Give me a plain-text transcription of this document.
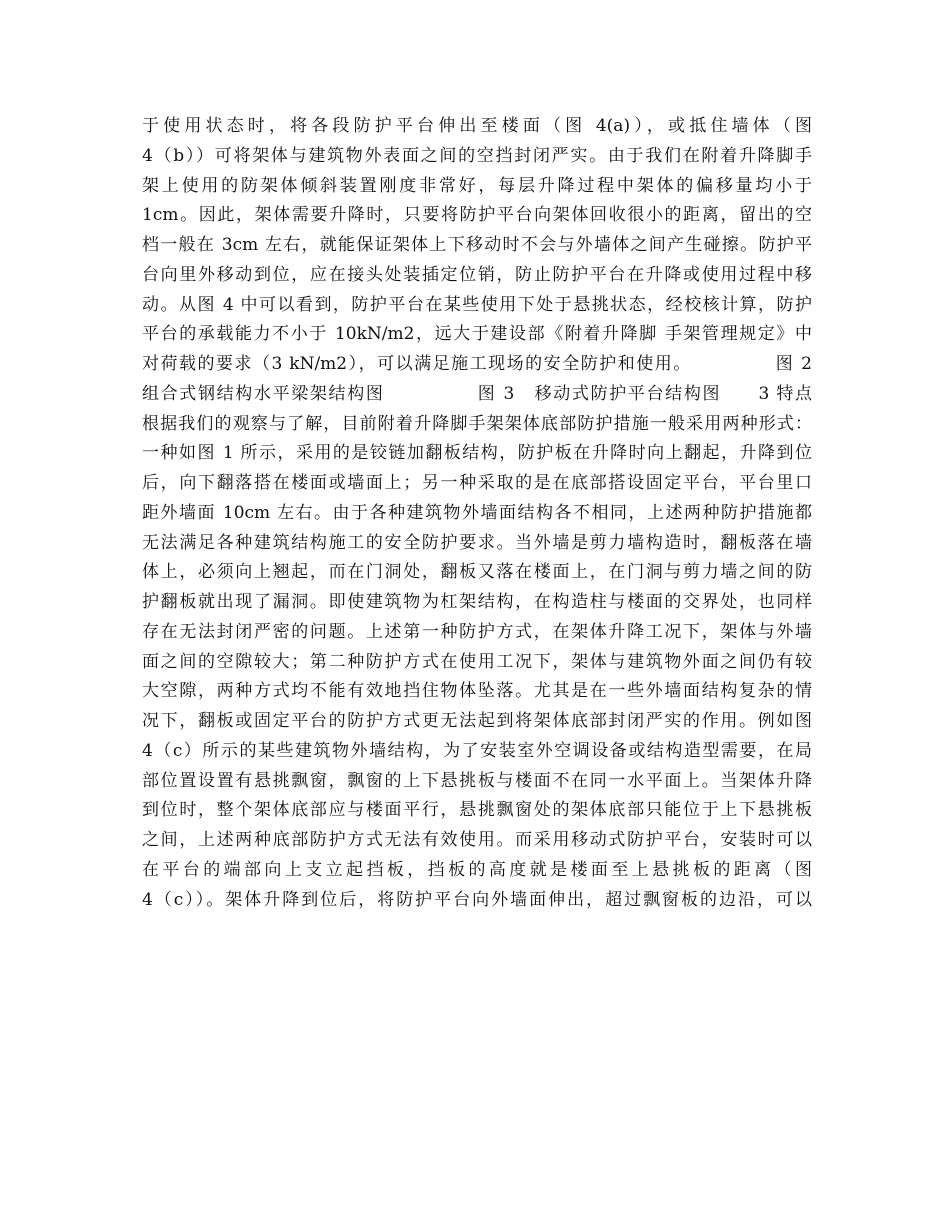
于使用状态时，将各段防护平台伸出至楼面（图 4(a)），或抵住墙体（图
4（b））可将架体与建筑物外表面之间的空挡封闭严实。由于我们在附着升降脚手
架上使用的防架体倾斜装置刚度非常好，每层升降过程中架体的偏移量均小于
1cm。因此，架体需要升降时，只要将防护平台向架体回收很小的距离，留出的空
档一般在 3cm 左右，就能保证架体上下移动时不会与外墙体之间产生碰擦。防护平
台向里外移动到位，应在接头处装插定位销，防止防护平台在升降或使用过程中移
动。从图 4 中可以看到，防护平台在某些使用下处于悬挑状态，经校核计算，防护
平台的承载能力不小于 10kN/m2，远大于建设部《附着升降脚 手架管理规定》中
对荷载的要求（3 kN/m2），可以满足施工现场的安全防护和使用。　　　　　图 2
组合式钢结构水平梁架结构图　　　　　图 3　移动式防护平台结构图　　3 特点
根据我们的观察与了解，目前附着升降脚手架架体底部防护措施一般采用两种形式：
一种如图 1 所示，采用的是铰链加翻板结构，防护板在升降时向上翻起，升降到位
后，向下翻落搭在楼面或墙面上；另一种采取的是在底部搭设固定平台，平台里口
距外墙面 10cm 左右。由于各种建筑物外墙面结构各不相同，上述两种防护措施都
无法满足各种建筑结构施工的安全防护要求。当外墙是剪力墙构造时，翻板落在墙
体上，必须向上翘起，而在门洞处，翻板又落在楼面上，在门洞与剪力墙之间的防
护翻板就出现了漏洞。即使建筑物为杠架结构，在构造柱与楼面的交界处，也同样
存在无法封闭严密的问题。上述第一种防护方式，在架体升降工况下，架体与外墙
面之间的空隙较大；第二种防护方式在使用工况下，架体与建筑物外面之间仍有较
大空隙，两种方式均不能有效地挡住物体坠落。尤其是在一些外墙面结构复杂的情
况下，翻板或固定平台的防护方式更无法起到将架体底部封闭严实的作用。例如图
4（c）所示的某些建筑物外墙结构，为了安装室外空调设备或结构造型需要，在局
部位置设置有悬挑飘窗，飘窗的上下悬挑板与楼面不在同一水平面上。当架体升降
到位时，整个架体底部应与楼面平行，悬挑飘窗处的架体底部只能位于上下悬挑板
之间，上述两种底部防护方式无法有效使用。而采用移动式防护平台，安装时可以
在平台的端部向上支立起挡板，挡板的高度就是楼面至上悬挑板的距离（图
4（c））。架体升降到位后，将防护平台向外墙面伸出，超过飘窗板的边沿，可以
